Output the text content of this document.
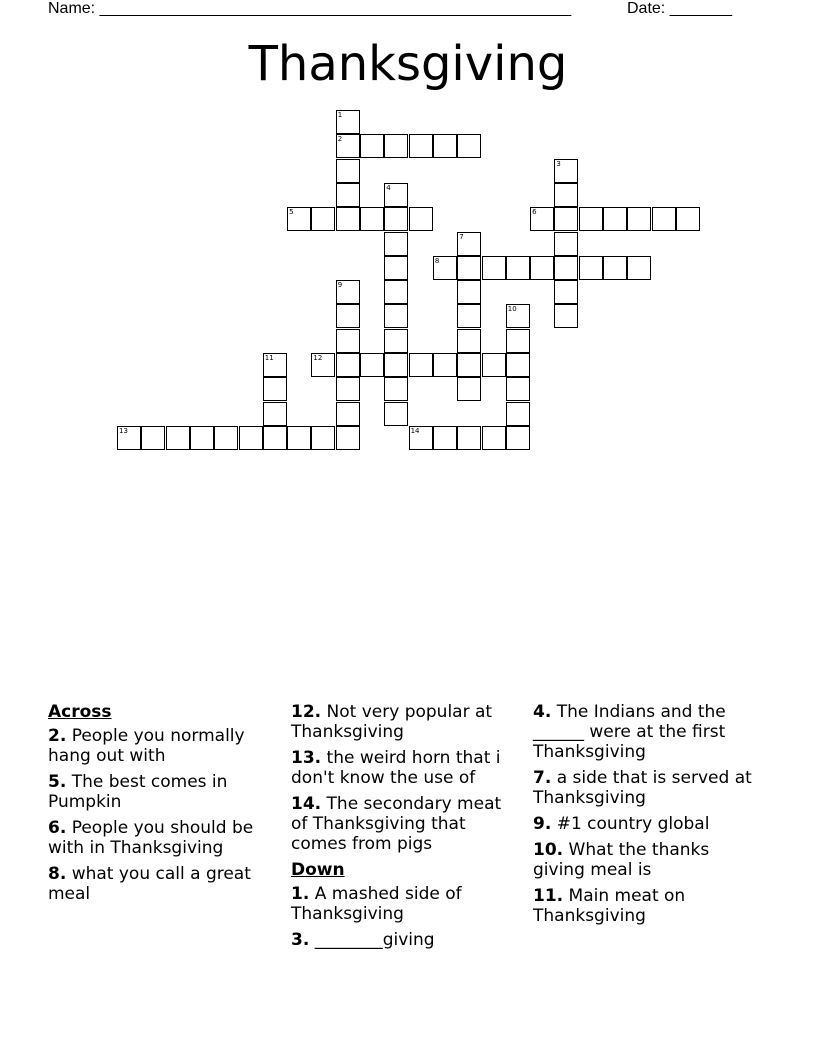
Name: _____________________________________________________	Date: _______
Thanksgiving
1
2
3
4
5	6
7
8
9
10
11	12
13	14
Across
2. People you normally hang out with
5. The best comes in Pumpkin
6. People you should be with in Thanksgiving
8. what you call a great meal
12. Not very popular at Thanksgiving
13. the weird horn that i don't know the use of
14. The secondary meat of Thanksgiving that comes from pigs
Down
1. A mashed side of Thanksgiving
3. ________giving
4. The Indians and the ______ were at the first Thanksgiving
7. a side that is served at Thanksgiving
9. #1 country global
10. What the thanks giving meal is
11. Main meat on Thanksgiving
